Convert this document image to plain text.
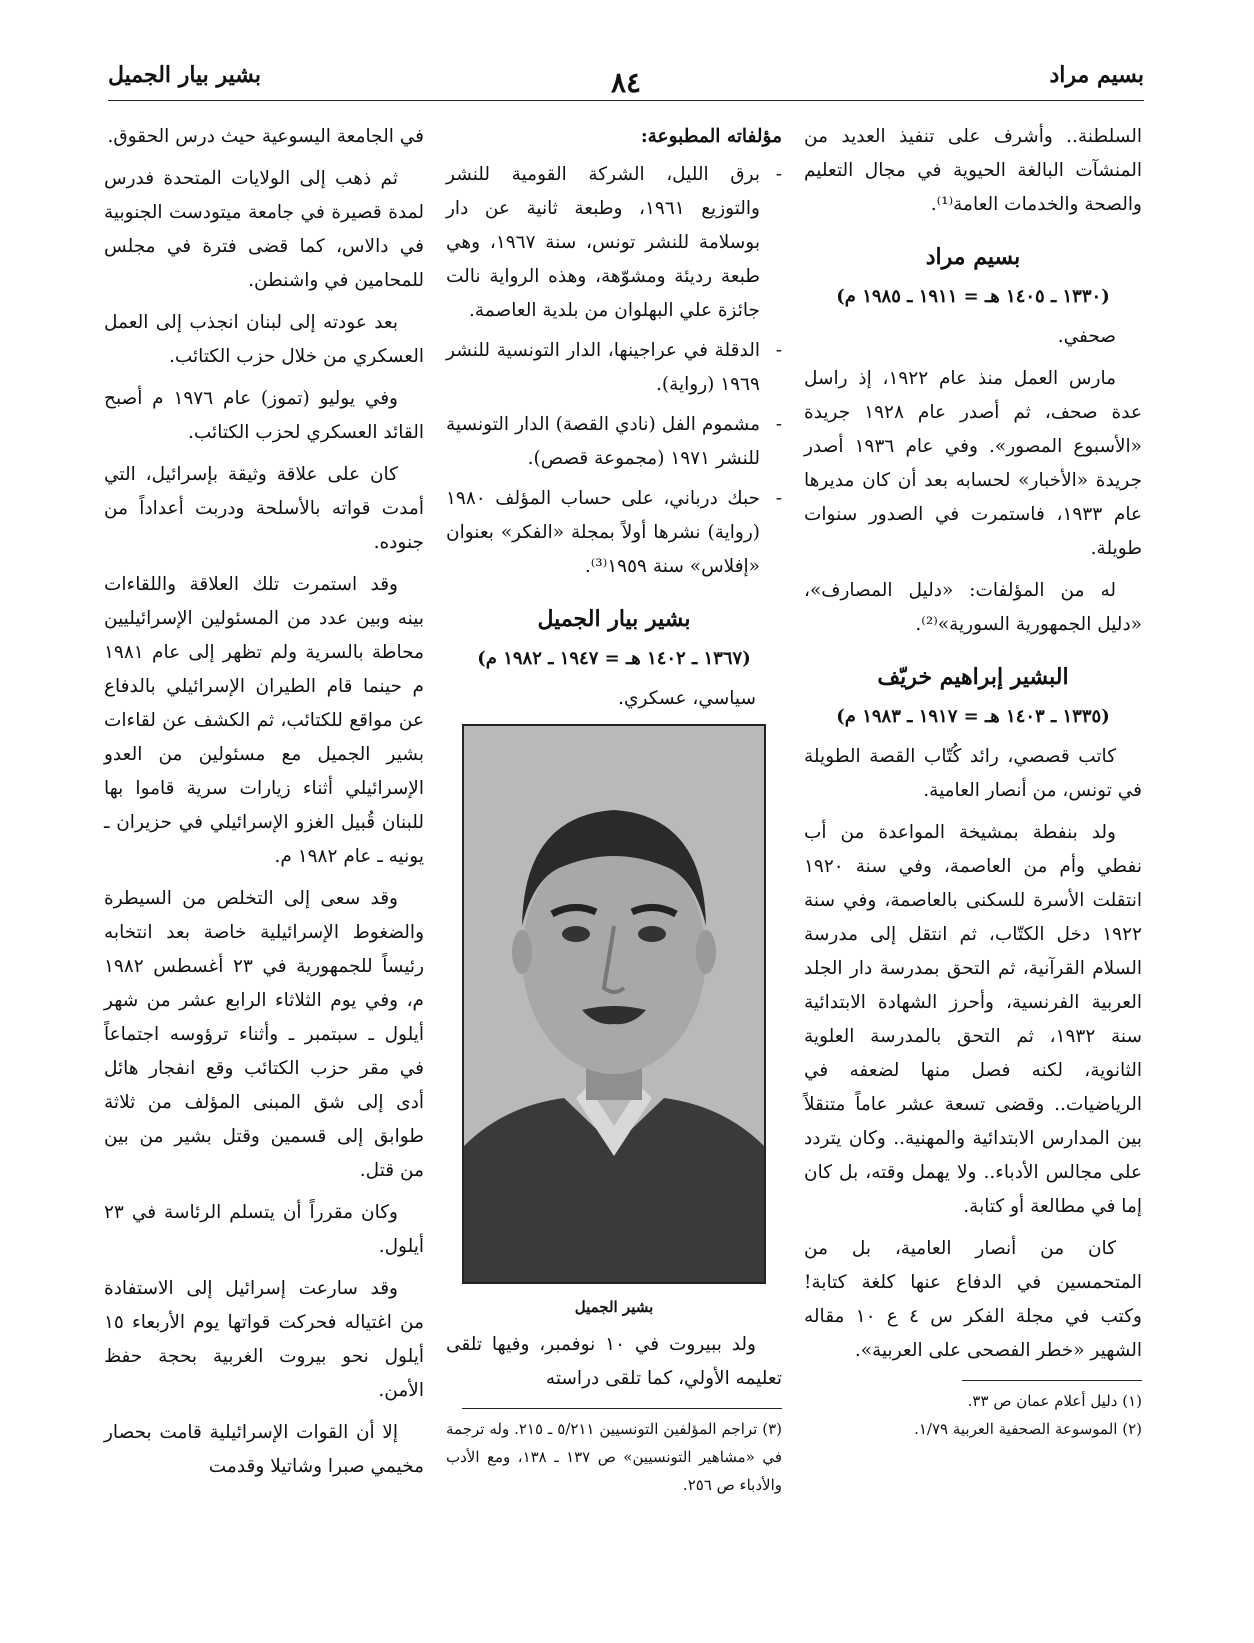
بسيم مراد
٨٤
بشير بيار الجميل

السلطنة.. وأشرف على تنفيذ العديد من المنشآت البالغة الحيوية في مجال التعليم والصحة والخدمات العامة⁽¹⁾.

بسيم مراد
(١٣٣٠ ـ ١٤٠٥ هـ = ١٩١١ ـ ١٩٨٥ م)

صحفي.

مارس العمل منذ عام ١٩٢٢، إذ راسل عدة صحف، ثم أصدر عام ١٩٢٨ جريدة «الأسبوع المصور». وفي عام ١٩٣٦ أصدر جريدة «الأخبار» لحسابه بعد أن كان مديرها عام ١٩٣٣، فاستمرت في الصدور سنوات طويلة.

له من المؤلفات: «دليل المصارف»، «دليل الجمهورية السورية»⁽²⁾.

البشير إبراهيم خريّف
(١٣٣٥ ـ ١٤٠٣ هـ = ١٩١٧ ـ ١٩٨٣ م)

كاتب قصصي، رائد كُتّاب القصة الطويلة في تونس، من أنصار العامية.

ولد بنفطة بمشيخة المواعدة من أب نفطي وأم من العاصمة، وفي سنة ١٩٢٠ انتقلت الأسرة للسكنى بالعاصمة، وفي سنة ١٩٢٢ دخل الكتّاب، ثم انتقل إلى مدرسة السلام القرآنية، ثم التحق بمدرسة دار الجلد العربية الفرنسية، وأحرز الشهادة الابتدائية سنة ١٩٣٢، ثم التحق بالمدرسة العلوية الثانوية، لكنه فصل منها لضعفه في الرياضيات.. وقضى تسعة عشر عاماً متنقلاً بين المدارس الابتدائية والمهنية.. وكان يتردد على مجالس الأدباء.. ولا يهمل وقته، بل كان إما في مطالعة أو كتابة.

كان من أنصار العامية، بل من المتحمسين في الدفاع عنها كلغة كتابة! وكتب في مجلة الفكر س ٤ ع ١٠ مقاله الشهير «خطر الفصحى على العربية».

(١) دليل أعلام عمان ص ٣٣.

(٢) الموسوعة الصحفية العربية ١/٧٩.

مؤلفاته المطبوعة:
- برق الليل، الشركة القومية للنشر والتوزيع ١٩٦١، وطبعة ثانية عن دار بوسلامة للنشر تونس، سنة ١٩٦٧، وهي طبعة رديئة ومشوّهة، وهذه الرواية نالت جائزة علي البهلوان من بلدية العاصمة.
- الدقلة في عراجينها، الدار التونسية للنشر ١٩٦٩ (رواية).
- مشموم الفل (نادي القصة) الدار التونسية للنشر ١٩٧١ (مجموعة قصص).
- حبك درباني، على حساب المؤلف ١٩٨٠ (رواية) نشرها أولاً بمجلة «الفكر» بعنوان «إفلاس» سنة ١٩٥٩⁽³⁾.
بشير بيار الجميل
(١٣٦٧ ـ ١٤٠٢ هـ = ١٩٤٧ ـ ١٩٨٢ م)

سياسي، عسكري.

بشير الجميل

ولد ببيروت في ١٠ نوفمبر، وفيها تلقى تعليمه الأولي، كما تلقى دراسته

(٣) تراجم المؤلفين التونسيين ٥/٢١١ ـ ٢١٥. وله ترجمة في «مشاهير التونسيين» ص ١٣٧ ـ ١٣٨، ومع الأدب والأدباء ص ٢٥٦.

في الجامعة اليسوعية حيث درس الحقوق.

ثم ذهب إلى الولايات المتحدة فدرس لمدة قصيرة في جامعة ميتودست الجنوبية في دالاس، كما قضى فترة في مجلس للمحامين في واشنطن.

بعد عودته إلى لبنان انجذب إلى العمل العسكري من خلال حزب الكتائب.

وفي يوليو (تموز) عام ١٩٧٦ م أصبح القائد العسكري لحزب الكتائب.

كان على علاقة وثيقة بإسرائيل، التي أمدت قواته بالأسلحة ودربت أعداداً من جنوده.

وقد استمرت تلك العلاقة واللقاءات بينه وبين عدد من المسئولين الإسرائيليين محاطة بالسرية ولم تظهر إلى عام ١٩٨١ م حينما قام الطيران الإسرائيلي بالدفاع عن مواقع للكتائب، ثم الكشف عن لقاءات بشير الجميل مع مسئولين من العدو الإسرائيلي أثناء زيارات سرية قاموا بها للبنان قُبيل الغزو الإسرائيلي في حزيران ـ يونيه ـ عام ١٩٨٢ م.

وقد سعى إلى التخلص من السيطرة والضغوط الإسرائيلية خاصة بعد انتخابه رئيساً للجمهورية في ٢٣ أغسطس ١٩٨٢ م، وفي يوم الثلاثاء الرابع عشر من شهر أيلول ـ سبتمبر ـ وأثناء ترؤوسه اجتماعاً في مقر حزب الكتائب وقع انفجار هائل أدى إلى شق المبنى المؤلف من ثلاثة طوابق إلى قسمين وقتل بشير من بين من قتل.

وكان مقرراً أن يتسلم الرئاسة في ٢٣ أيلول.

وقد سارعت إسرائيل إلى الاستفادة من اغتياله فحركت قواتها يوم الأربعاء ١٥ أيلول نحو بيروت الغربية بحجة حفظ الأمن.

إلا أن القوات الإسرائيلية قامت بحصار مخيمي صبرا وشاتيلا وقدمت
